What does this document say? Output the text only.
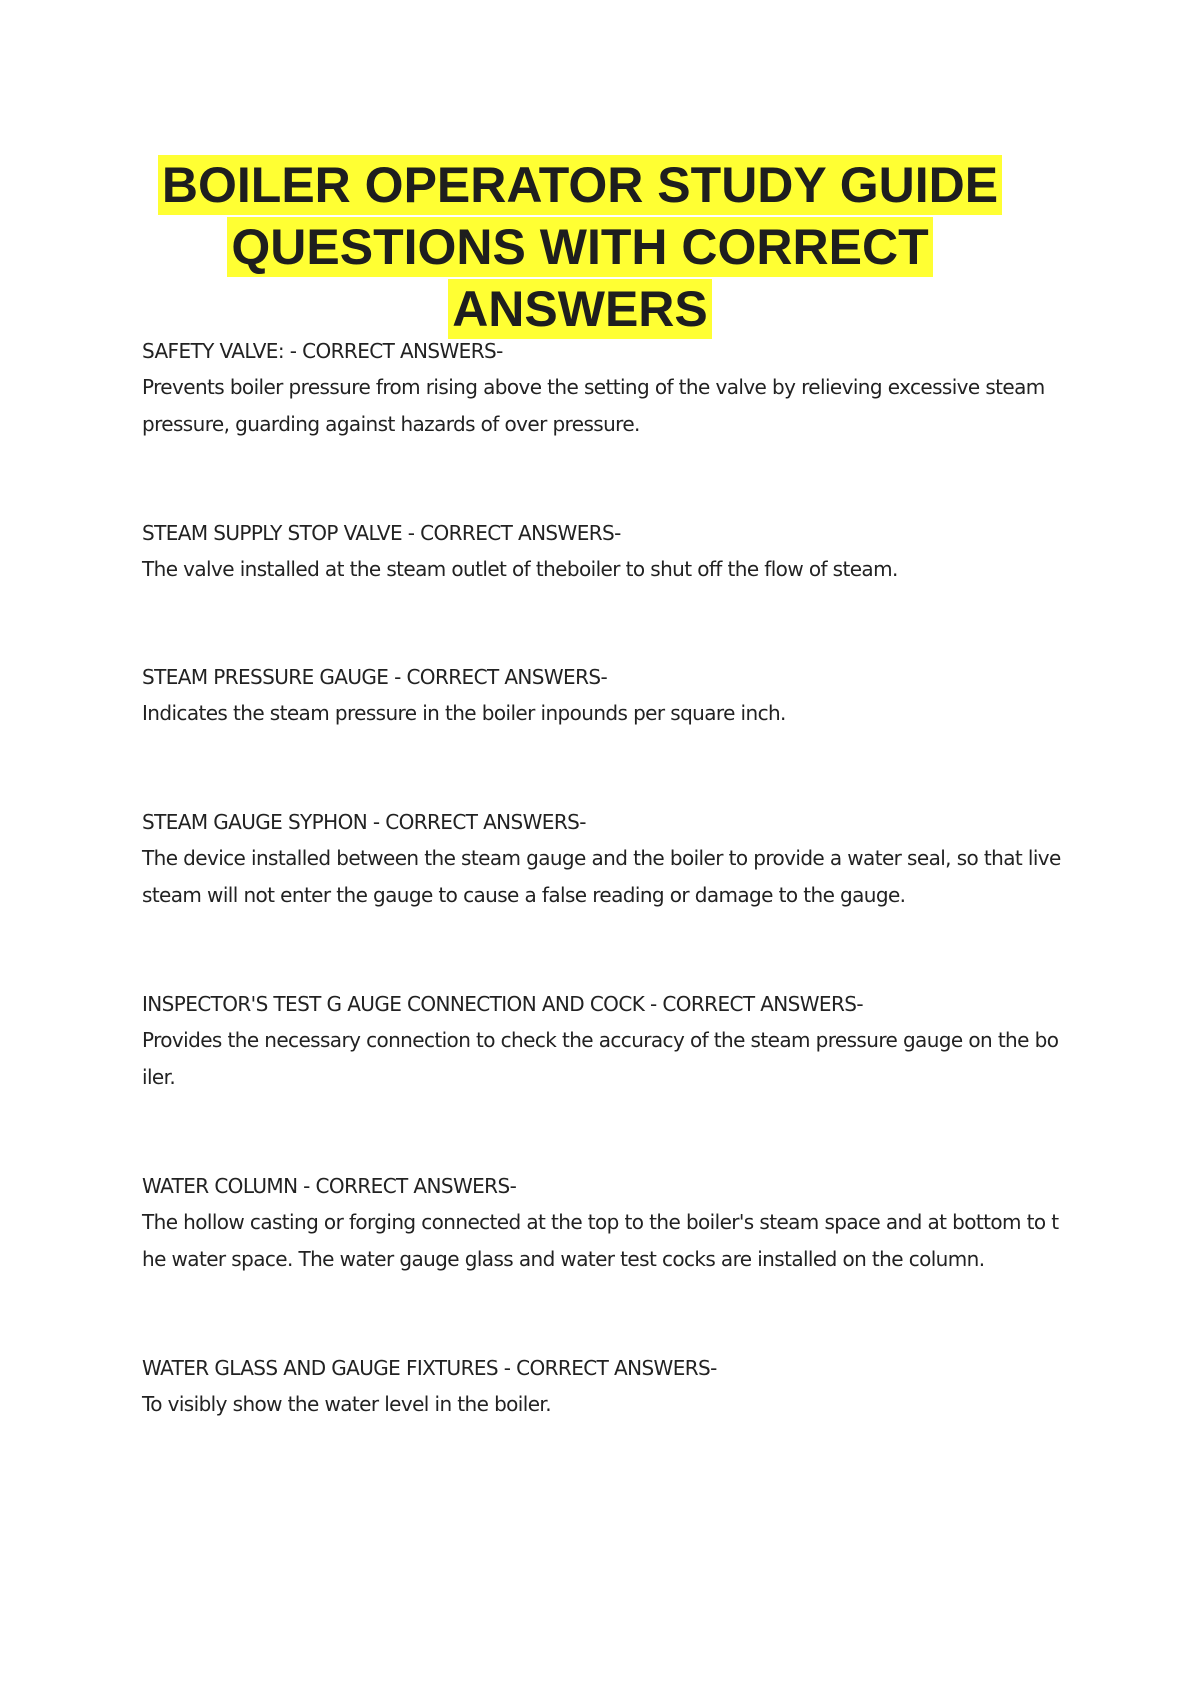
BOILER OPERATOR STUDY GUIDE
QUESTIONS WITH CORRECT
ANSWERS
SAFETY VALVE: - CORRECT ANSWERS-
Prevents boiler pressure from rising above the setting of the valve by relieving excessive steam pressure, guarding against hazards of over pressure.
STEAM SUPPLY STOP VALVE - CORRECT ANSWERS-
The valve installed at the steam outlet of theboiler to shut off the flow of steam.
STEAM PRESSURE GAUGE - CORRECT ANSWERS-
Indicates the steam pressure in the boiler inpounds per square inch.
STEAM GAUGE SYPHON - CORRECT ANSWERS-
The device installed between the steam gauge and the boiler to provide a water seal, so that live steam will not enter the gauge to cause a false reading or damage to the gauge.
INSPECTOR'S TEST G AUGE CONNECTION AND COCK - CORRECT ANSWERS-
Provides the necessary connection to check the accuracy of the steam pressure gauge on the boiler.
WATER COLUMN - CORRECT ANSWERS-
The hollow casting or forging connected at the top to the boiler's steam space and at bottom to the water space. The water gauge glass and water test cocks are installed on the column.
WATER GLASS AND GAUGE FIXTURES - CORRECT ANSWERS-
To visibly show the water level in the boiler.
